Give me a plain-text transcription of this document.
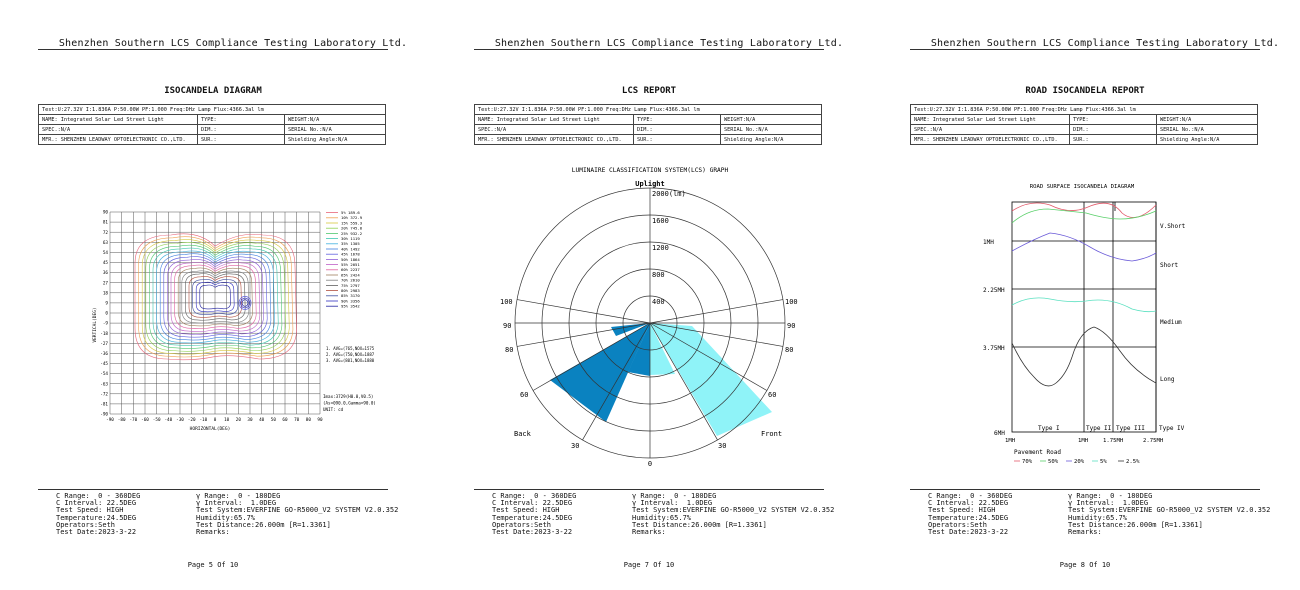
Shenzhen Southern LCS Compliance Testing Laboratory Ltd.
ISOCANDELA DIAGRAM
Test:U:27.32V I:1.836A P:50.00W PF:1.000 Freq:DHz Lamp Flux:4366.3al lm		
NAME: Integrated Solar Led Street Light	TYPE:	WEIGHT:N/A
SPEC.:N/A	DIM.:	SERIAL No.:N/A
MFR.: SHENZHEN LEADWAY OPTOELECTRONIC CO.,LTD.	SUR.:	Shielding Angle:N/A
90
81
72
63
54
45
36
27
18
9
0
-9
-18
-27
-36
-45
-54
-63
-72
-81
-90
-90 -80 -70 -60 -50 -40 -30 -20 -10 0 10 20 30 40 50 60 70 80 90
VERTICAL(DEG)
HORIZONTAL(DEG)
5% 189.6
10% 372.9
15% 559.3
20% 745.8
25% 932.2
30% 1119
35% 1305
40% 1492
45% 1678
50% 1864
55% 2051
60% 2237
65% 2424
70% 2610
75% 2797
80% 2983
85% 3170
90% 3356
95% 3542
1. AVG=(765,NOX=1575
2. AVG=(750,NOX=1887
3. AVG=(801,NOX=1880
Imax:3729(H0.0,V0.5)
(As=090.0,Gamma=90.0)
UNIT: cd
C Range:  0 - 360DEG
C Interval: 22.5DEG
Test Speed: HIGH
Temperature:24.5DEG
Operators:Seth
Test Date:2023-3-22
γ Range:  0 - 180DEG
γ Interval:  1.0DEG
Test System:EVERFINE GO-R5000_V2 SYSTEM V2.0.352
Humidity:65.7%
Test Distance:26.000m [R=1.3361]
Remarks:
Page 5 Of 10
Shenzhen Southern LCS Compliance Testing Laboratory Ltd.
LCS REPORT
Test:U:27.32V I:1.836A P:50.00W PF:1.000 Freq:DHz Lamp Flux:4366.3al lm		
NAME: Integrated Solar Led Street Light	TYPE:	WEIGHT:N/A
SPEC.:N/A	DIM.:	SERIAL No.:N/A
MFR.: SHENZHEN LEADWAY OPTOELECTRONIC CO.,LTD.	SUR.:	Shielding Angle:N/A
LUMINAIRE CLASSIFICATION SYSTEM(LCS) GRAPH
Uplight
400
800
1200
1600
2000(lm)
100
90
80
60
30
100
90
80
60
30
0
Back	Front
C Range:  0 - 360DEG
C Interval: 22.5DEG
Test Speed: HIGH
Temperature:24.5DEG
Operators:Seth
Test Date:2023-3-22
γ Range:  0 - 180DEG
γ Interval:  1.0DEG
Test System:EVERFINE GO-R5000_V2 SYSTEM V2.0.352
Humidity:65.7%
Test Distance:26.000m [R=1.3361]
Remarks:
Page 7 Of 10
Shenzhen Southern LCS Compliance Testing Laboratory Ltd.
ROAD ISOCANDELA REPORT
Test:U:27.32V I:1.836A P:50.00W PF:1.000 Freq:DHz Lamp Flux:4366.3al lm		
NAME: Integrated Solar Led Street Light	TYPE:	WEIGHT:N/A
SPEC.:N/A	DIM.:	SERIAL No.:N/A
MFR.: SHENZHEN LEADWAY OPTOELECTRONIC CO.,LTD.	SUR.:	Shielding Angle:N/A
ROAD SURFACE ISOCANDELA DIAGRAM
1MH
2.25MH
3.75MH
6MH
1MH	1MH	1.75MH	2.75MH
V.Short
Short
Medium
Long
Type I	Type II Type III Type IV
Pavement Road
70%	50%	20%	5%	2.5%
C Range:  0 - 360DEG
C Interval: 22.5DEG
Test Speed: HIGH
Temperature:24.5DEG
Operators:Seth
Test Date:2023-3-22
γ Range:  0 - 180DEG
γ Interval:  1.0DEG
Test System:EVERFINE GO-R5000_V2 SYSTEM V2.0.352
Humidity:65.7%
Test Distance:26.000m [R=1.3361]
Remarks:
Page 8 Of 10
